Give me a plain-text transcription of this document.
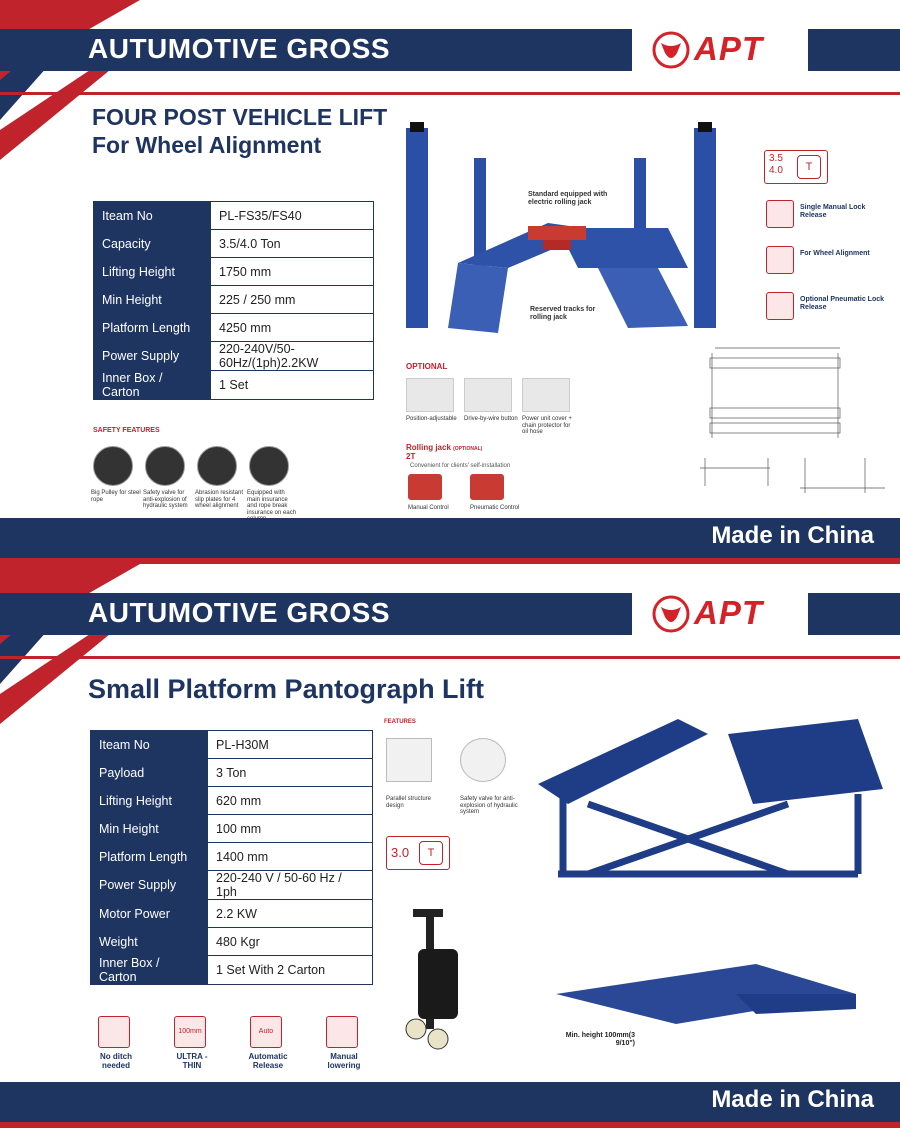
AUTUMOTIVE GROSS	APT
FOUR POST VEHICLE LIFT
For Wheel Alignment
Iteam No	PL-FS35/FS40
Capacity	3.5/4.0 Ton
Lifting Height	1750 mm
Min Height	225 / 250 mm
Platform Length	4250 mm
Power Supply	220-240V/50-60Hz/(1ph)2.2KW
Inner Box / Carton	1 Set
Standard equipped with electric rolling jack
Reserved tracks for rolling jack
3.5
4.0	T
Single Manual Lock Release
For Wheel Alignment
Optional Pneumatic Lock Release
SAFETY FEATURES
Big Pulley for steel rope
Safety valve for anti-explosion of hydraulic system
Abrasion resistant slip plates for 4 wheel alignment
Equipped with main insurance and rope break insurance on each
OPTIONAL
Position-adjustable	Drive-by-wire button Power unit cover + chain protector for oil hose
Rolling jack (OPTIONAL)
2T
Convenient for clients' self-installation
Manual Control	Pneumatic Control
Made in China
AUTUMOTIVE GROSS	APT
Small Platform Pantograph Lift
Iteam No	PL-H30M
Payload	3 Ton
Lifting Height	620 mm
Min Height	100 mm
Platform Length	1400 mm
Power Supply	220-240 V / 50-60 Hz / 1ph
Motor Power	2.2 KW
Weight	480 Kgr
Inner Box / Carton	1 Set With 2 Carton
FEATURES
Parallel structure design
Safety valve for anti-explosion of hydraulic system
3.0	T
Min. height 100mm(3 9/10")
No ditch needed
100mm
ULTRA -THIN
Auto
Automatic Release
Manual lowering
Made in China
